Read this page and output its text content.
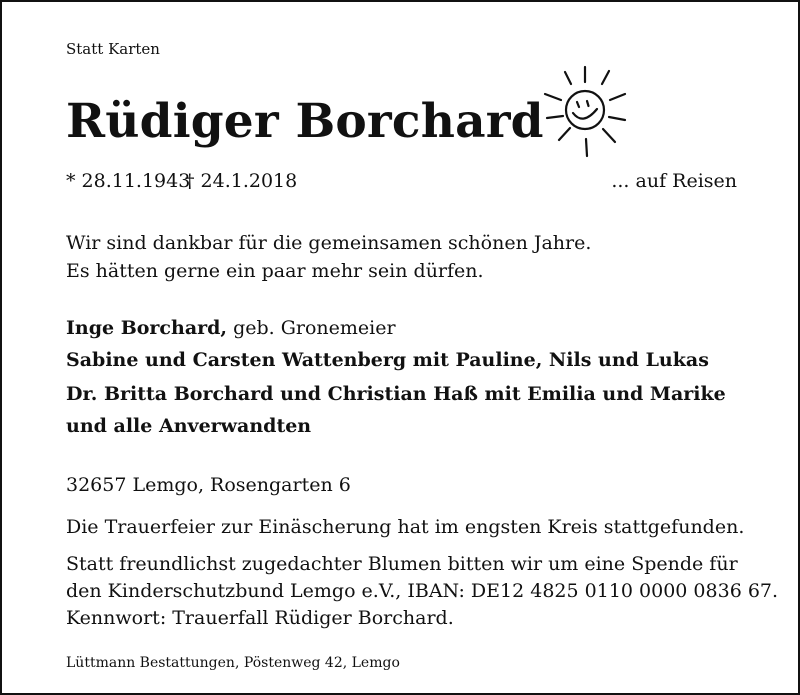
Statt Karten
Rüdiger Borchard
* 28.11.1943
† 24.1.2018	... auf Reisen
Wir sind dankbar für die gemeinsamen schönen Jahre.
Es hätten gerne ein paar mehr sein dürfen.
Inge Borchard, geb. Gronemeier
Sabine und Carsten Wattenberg mit Pauline, Nils und Lukas
Dr. Britta Borchard und Christian Haß mit Emilia und Marike
und alle Anverwandten
32657 Lemgo, Rosengarten 6
Die Trauerfeier zur Einäscherung hat im engsten Kreis stattgefunden.
Statt freundlichst zugedachter Blumen bitten wir um eine Spende für
den Kinderschutzbund Lemgo e.V., IBAN: DE12 4825 0110 0000 0836 67.
Kennwort: Trauerfall Rüdiger Borchard.
Lüttmann Bestattungen, Pöstenweg 42, Lemgo
